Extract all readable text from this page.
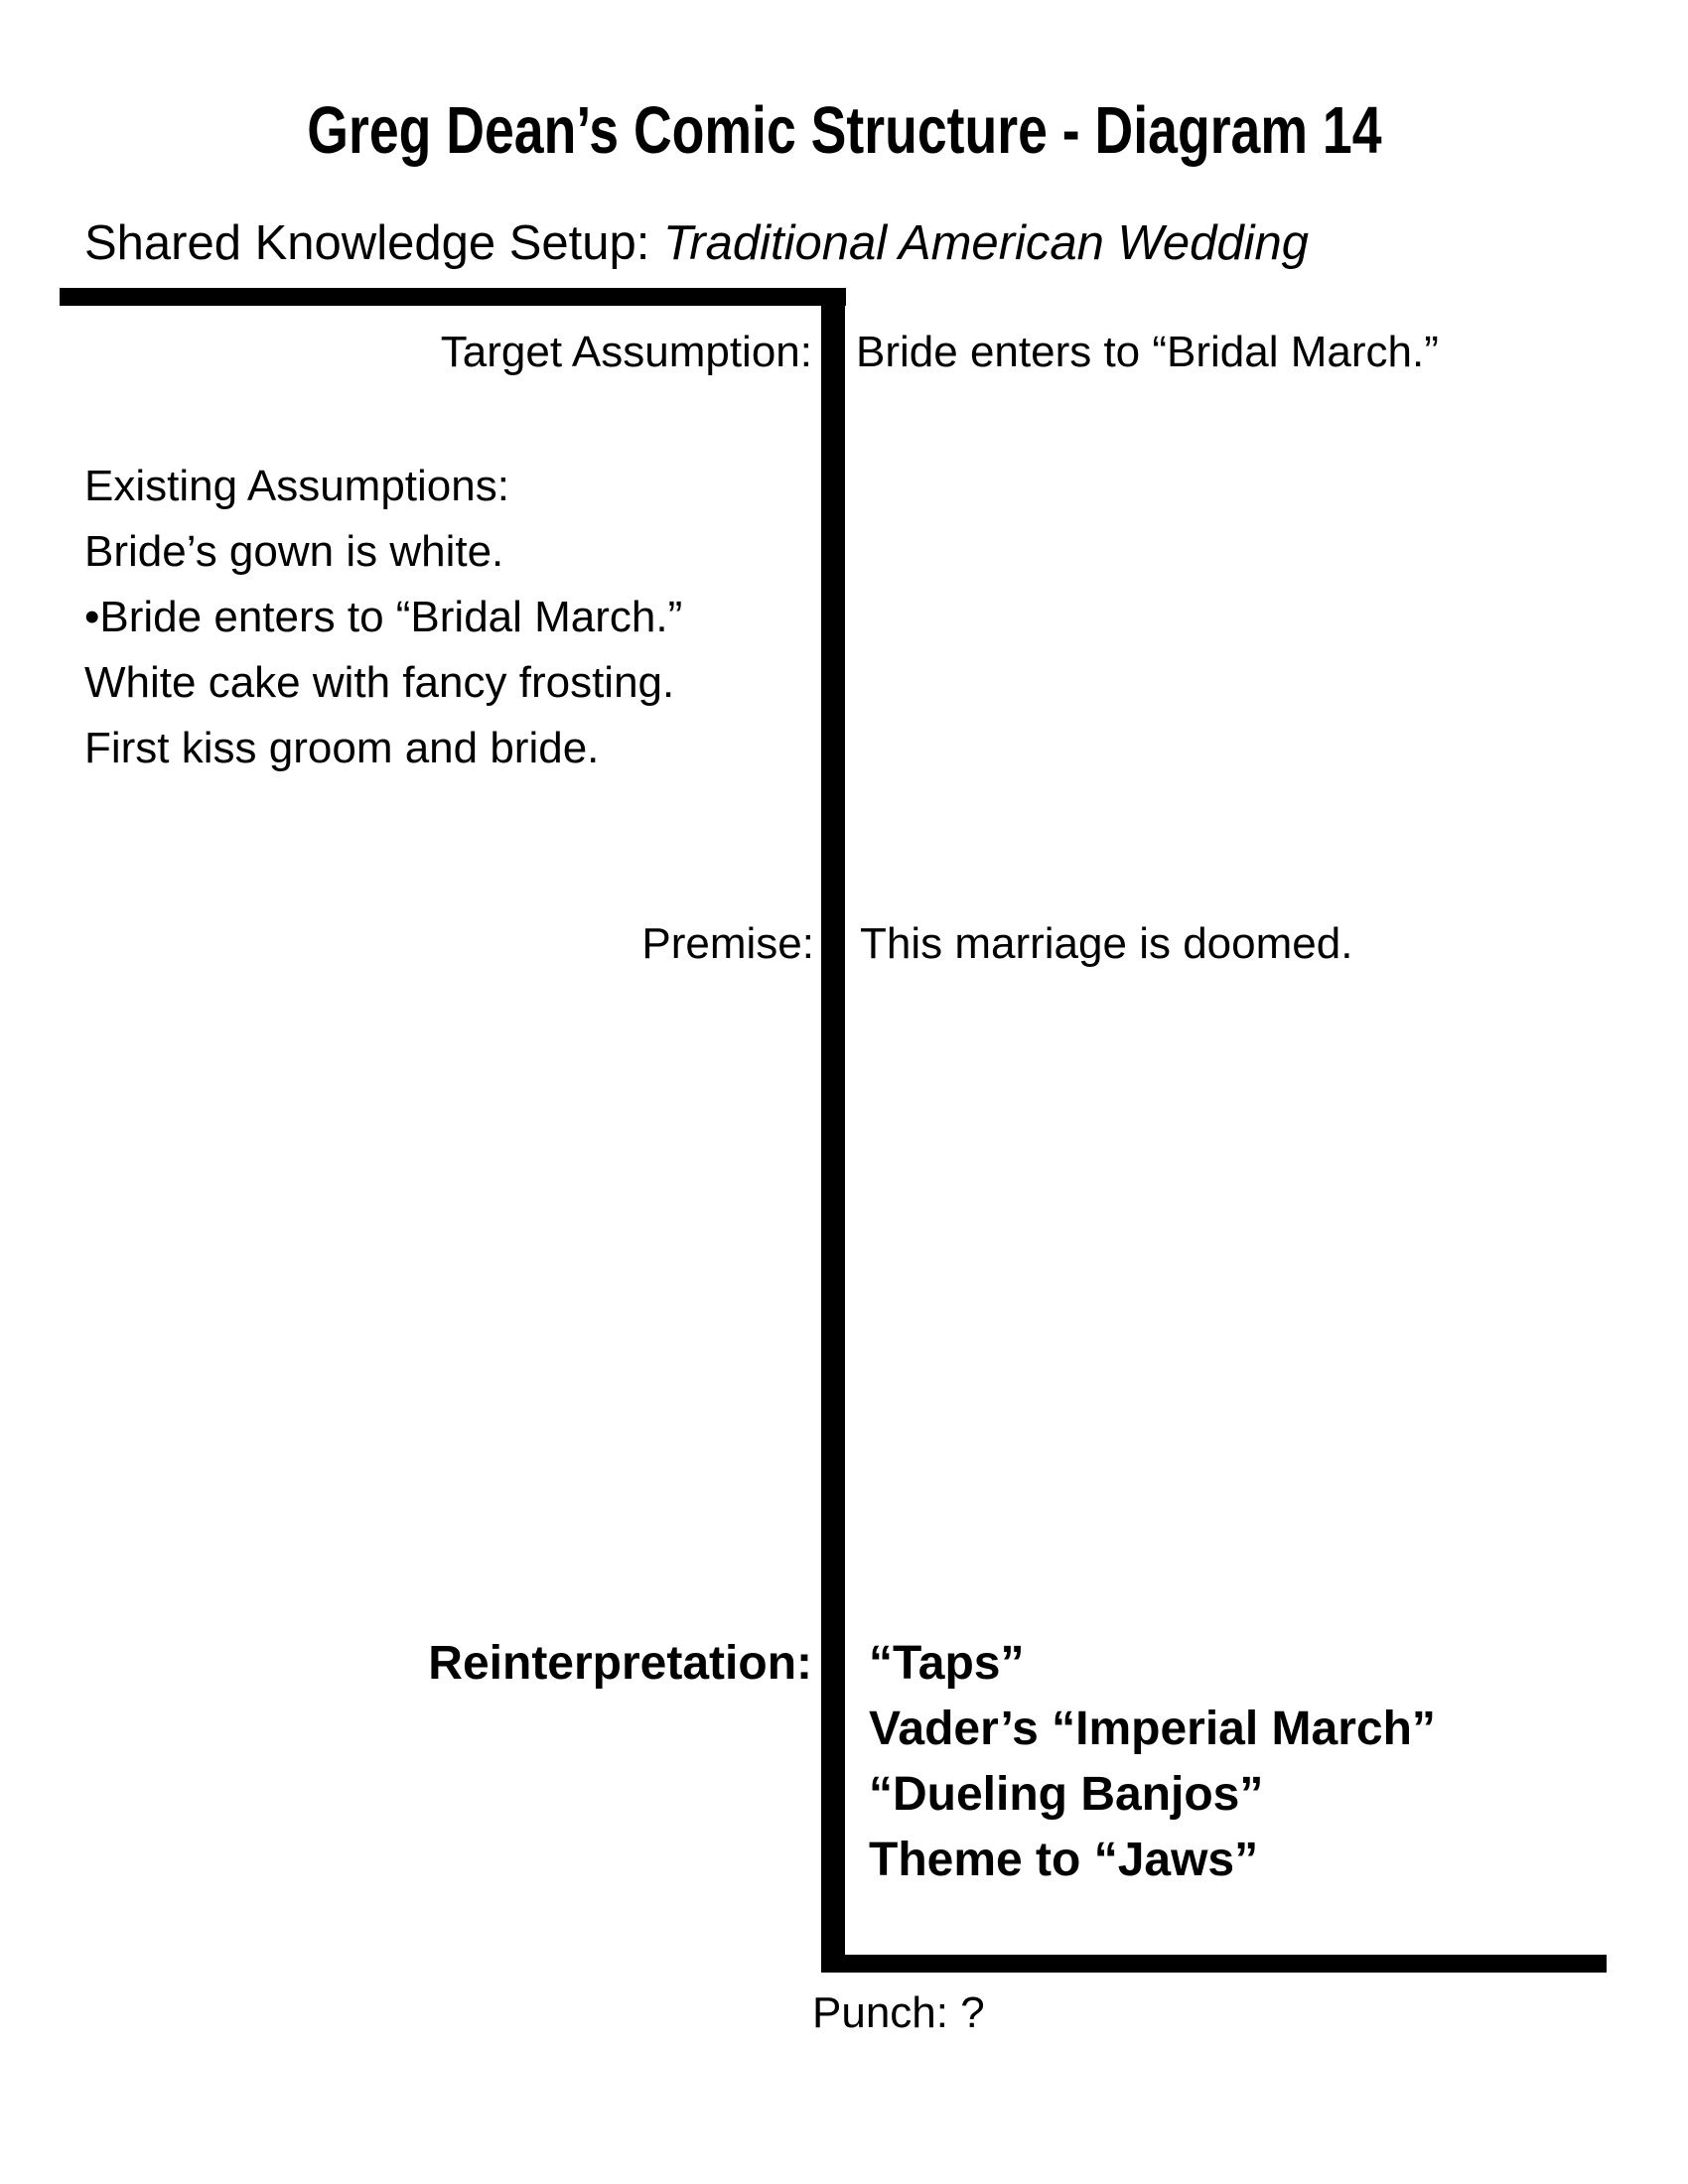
Greg Dean’s Comic Structure - Diagram 14
Shared Knowledge Setup: Traditional American Wedding
Target Assumption: Bride enters to “Bridal March.”
Existing Assumptions:
Bride’s gown is white.
•Bride enters to “Bridal March.”
White cake with fancy frosting.
First kiss groom and bride.
Premise: This marriage is doomed.
Reinterpretation: “Taps”
Vader’s “Imperial March”
“Dueling Banjos”
Theme to “Jaws”
Punch: ?
